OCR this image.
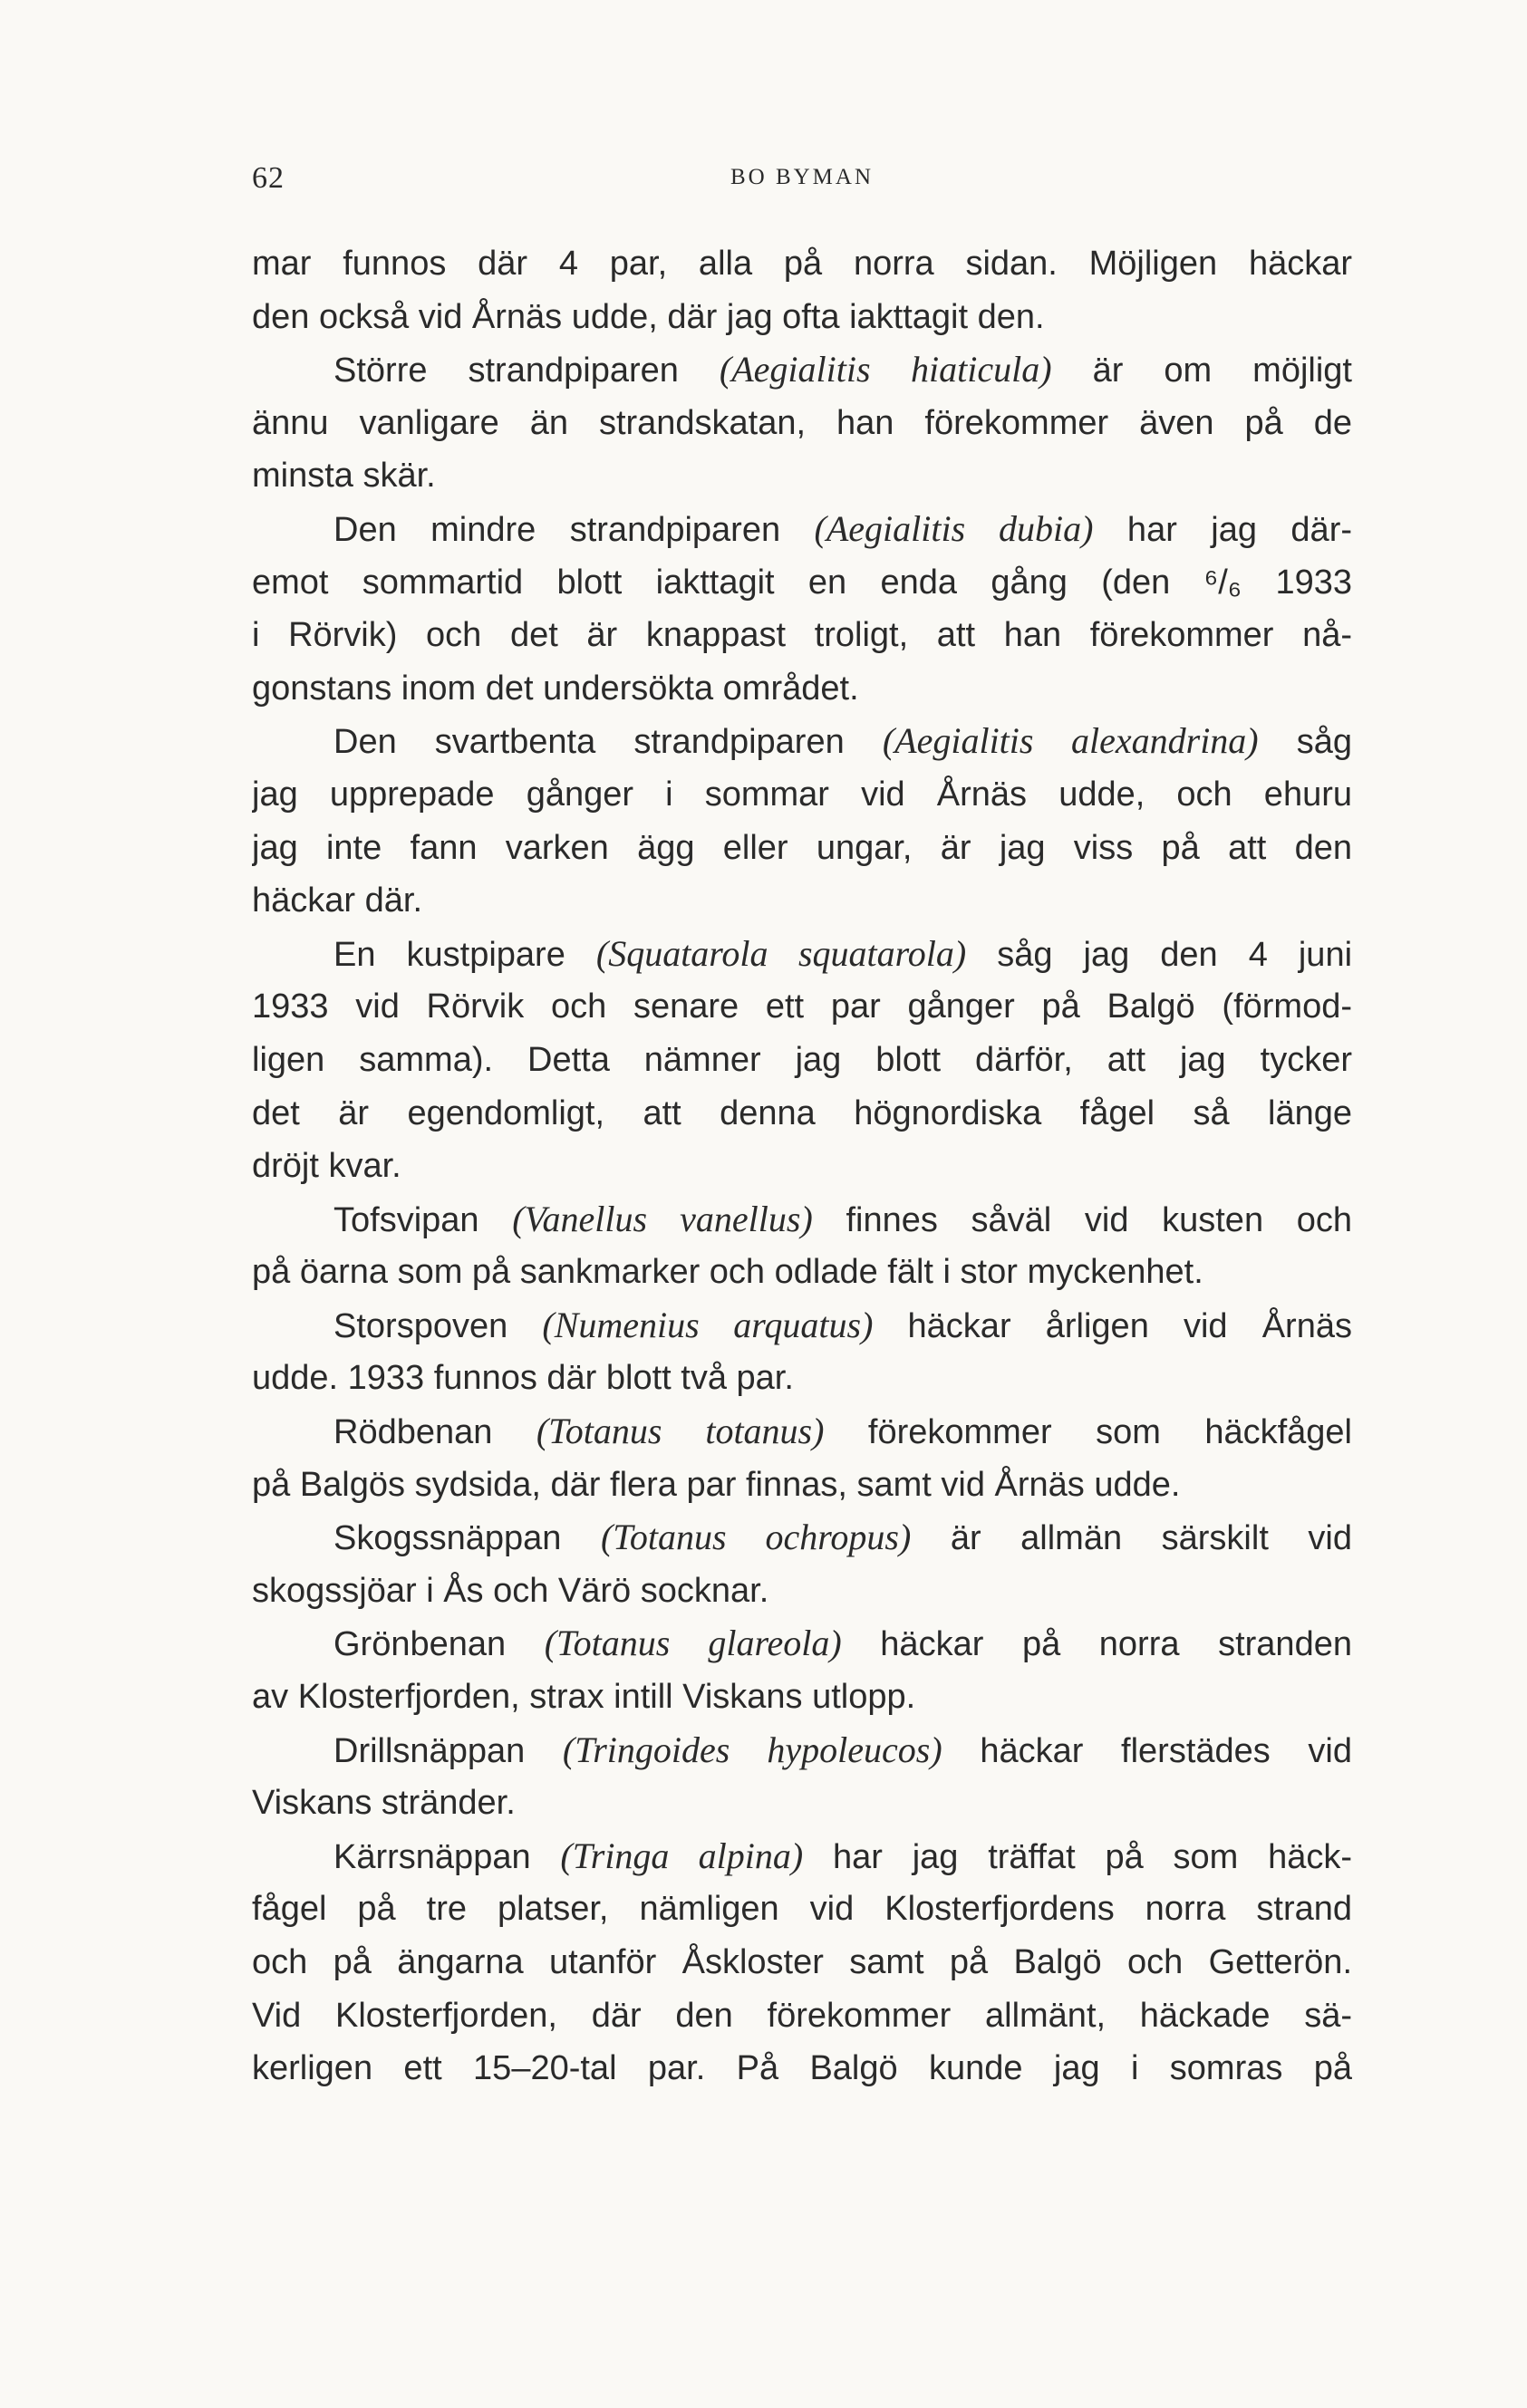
62	BO BYMAN
mar funnos där 4 par, alla på norra sidan. Möjligen häckar
den också vid Årnäs udde, där jag ofta iakttagit den.
Större strandpiparen (Aegialitis hiaticula) är om möjligt
ännu vanligare än strandskatan, han förekommer även på de
minsta skär.
Den mindre strandpiparen (Aegialitis dubia) har jag där-
emot sommartid blott iakttagit en enda gång (den ⁶/₆ 1933
i Rörvik) och det är knappast troligt, att han förekommer nå-
gonstans inom det undersökta området.
Den svartbenta strandpiparen (Aegialitis alexandrina) såg
jag upprepade gånger i sommar vid Årnäs udde, och ehuru
jag inte fann varken ägg eller ungar, är jag viss på att den
häckar där.
En kustpipare (Squatarola squatarola) såg jag den 4 juni
1933 vid Rörvik och senare ett par gånger på Balgö (förmod-
ligen samma). Detta nämner jag blott därför, att jag tycker
det är egendomligt, att denna högnordiska fågel så länge
dröjt kvar.
Tofsvipan (Vanellus vanellus) finnes såväl vid kusten och
på öarna som på sankmarker och odlade fält i stor myckenhet.
Storspoven (Numenius arquatus) häckar årligen vid Årnäs
udde. 1933 funnos där blott två par.
Rödbenan (Totanus totanus) förekommer som häckfågel
på Balgös sydsida, där flera par finnas, samt vid Årnäs udde.
Skogssnäppan (Totanus ochropus) är allmän särskilt vid
skogssjöar i Ås och Värö socknar.
Grönbenan (Totanus glareola) häckar på norra stranden
av Klosterfjorden, strax intill Viskans utlopp.
Drillsnäppan (Tringoides hypoleucos) häckar flerstädes vid
Viskans stränder.
Kärrsnäppan (Tringa alpina) har jag träffat på som häck-
fågel på tre platser, nämligen vid Klosterfjordens norra strand
och på ängarna utanför Åskloster samt på Balgö och Getterön.
Vid Klosterfjorden, där den förekommer allmänt, häckade sä-
kerligen ett 15–20-tal par. På Balgö kunde jag i somras på
